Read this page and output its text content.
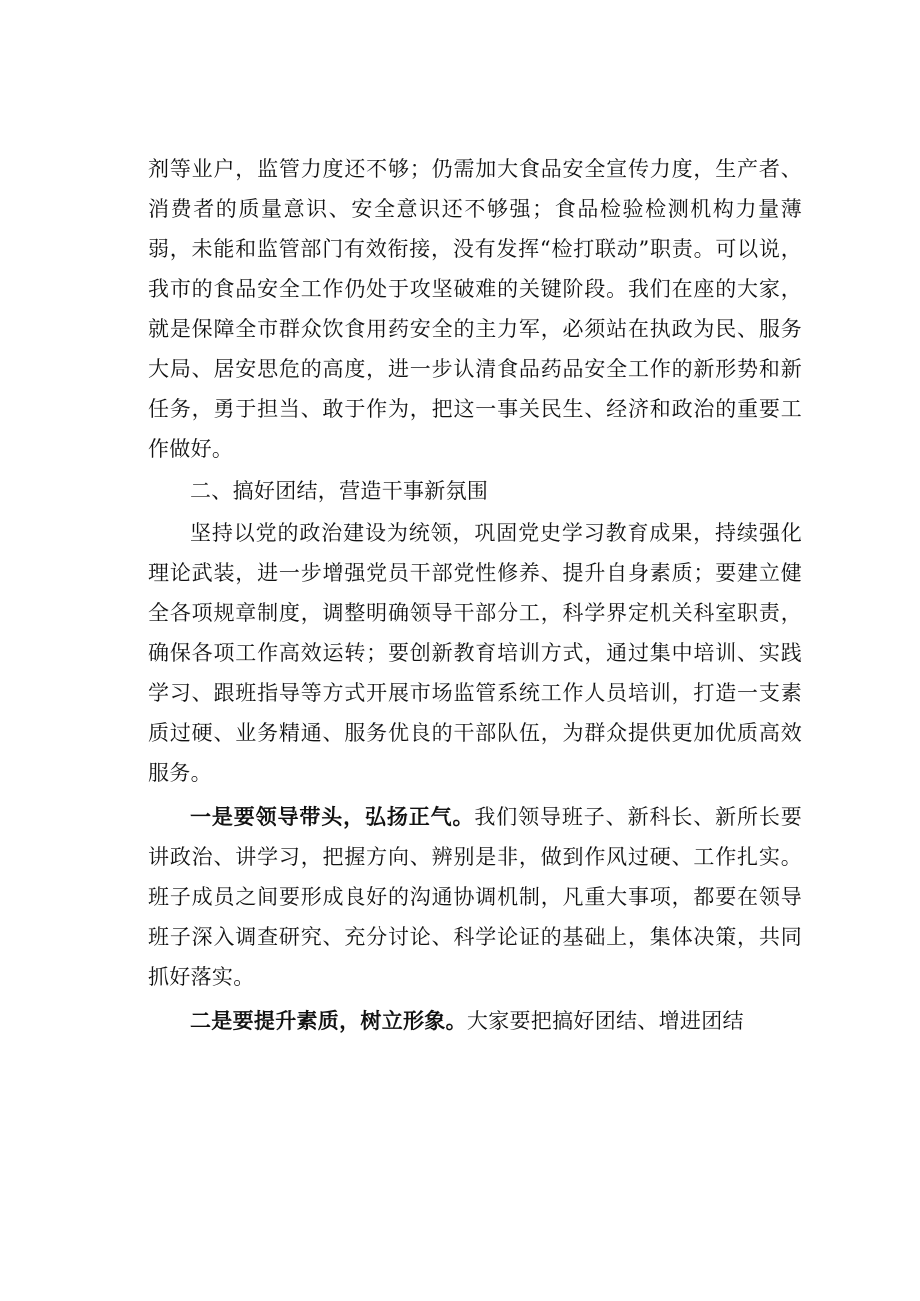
剂等业户，监管力度还不够；仍需加大食品安全宣传力度，生产者、消费者的质量意识、安全意识还不够强；食品检验检测机构力量薄弱，未能和监管部门有效衔接，没有发挥“检打联动”职责。可以说，我市的食品安全工作仍处于攻坚破难的关键阶段。我们在座的大家，就是保障全市群众饮食用药安全的主力军，必须站在执政为民、服务大局、居安思危的高度，进一步认清食品药品安全工作的新形势和新任务，勇于担当、敢于作为，把这一事关民生、经济和政治的重要工作做好。

二、搞好团结，营造干事新氛围

坚持以党的政治建设为统领，巩固党史学习教育成果，持续强化理论武装，进一步增强党员干部党性修养、提升自身素质；要建立健全各项规章制度，调整明确领导干部分工，科学界定机关科室职责，确保各项工作高效运转；要创新教育培训方式，通过集中培训、实践学习、跟班指导等方式开展市场监管系统工作人员培训，打造一支素质过硬、业务精通、服务优良的干部队伍，为群众提供更加优质高效服务。

一是要领导带头，弘扬正气。我们领导班子、新科长、新所长要讲政治、讲学习，把握方向、辨别是非，做到作风过硬、工作扎实。班子成员之间要形成良好的沟通协调机制，凡重大事项，都要在领导班子深入调查研究、充分讨论、科学论证的基础上，集体决策，共同抓好落实。

二是要提升素质，树立形象。大家要把搞好团结、增进团结
